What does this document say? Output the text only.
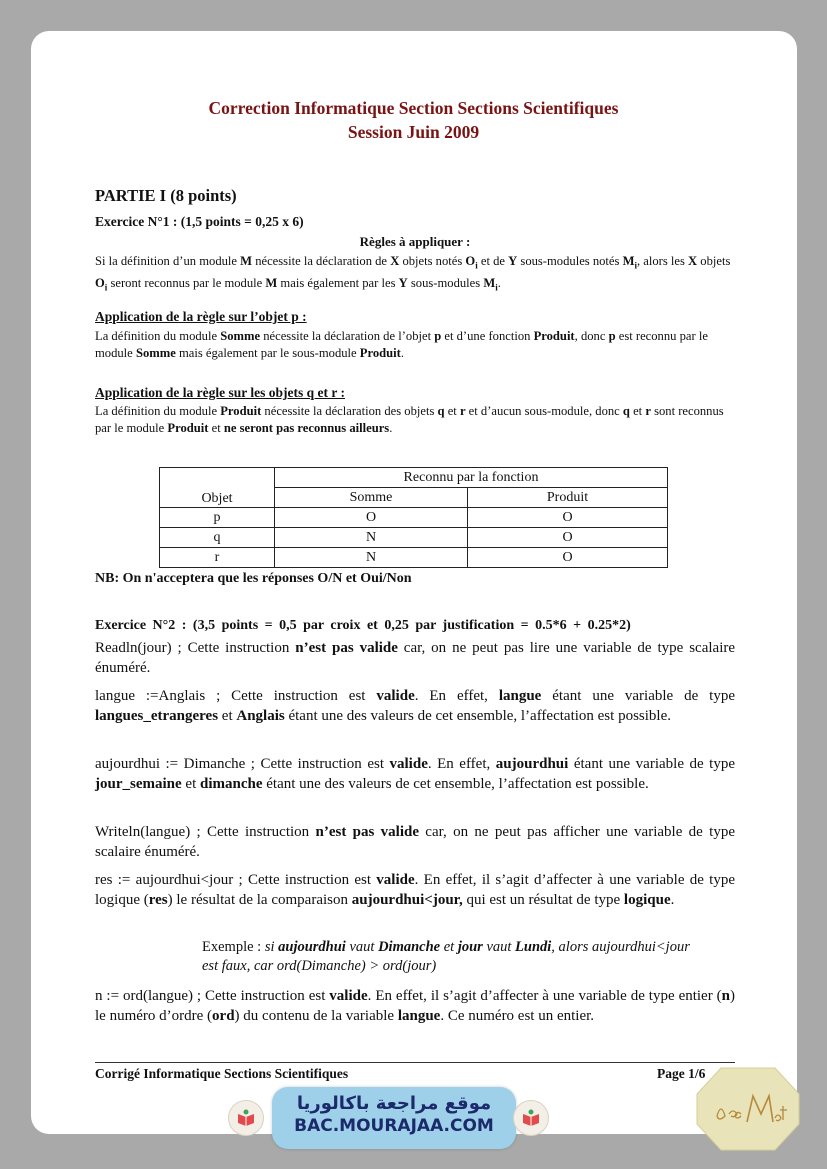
Correction Informatique Section Sections Scientifiques
Session Juin 2009
PARTIE I (8 points)
Exercice N°1 : (1,5 points = 0,25 x 6)
Règles à appliquer :
Si la définition d’un module M nécessite la déclaration de X objets notés $O_i$ et de Y sous-modules notés $M_i$, alors les X objets $O_i$ seront reconnus par le module M mais également par les Y sous-modules $M_i$.
Application de la règle sur l’objet p :
La définition du module Somme nécessite la déclaration de l’objet p et d’une fonction Produit, donc p est reconnu par le module Somme mais également par le sous-module Produit.
Application de la règle sur les objets q et r :
La définition du module Produit nécessite la déclaration des objets q et r et d’aucun sous-module, donc q et r sont reconnus par le module Produit et ne seront pas reconnus ailleurs.
Objet	Reconnu par la fonction	
	Somme	Produit
p	O	O
q	N	O
r	N	O
NB: On n'acceptera que les réponses O/N et Oui/Non
Exercice N°2 : (3,5 points = 0,5 par croix et 0,25 par justification = 0.5*6 + 0.25*2)
Readln(jour) ; Cette instruction n’est pas valide car, on ne peut pas lire une variable de type scalaire énuméré.
langue :=Anglais ; Cette instruction est valide. En effet, langue étant une variable de type langues_etrangeres et Anglais étant une des valeurs de cet ensemble, l’affectation est possible.
aujourdhui := Dimanche ; Cette instruction est valide. En effet, aujourdhui étant une variable de type jour_semaine et dimanche étant une des valeurs de cet ensemble, l’affectation est possible.
Writeln(langue) ; Cette instruction n’est pas valide car, on ne peut pas afficher une variable de type scalaire énuméré.
res := aujourdhui<jour ; Cette instruction est valide. En effet, il s’agit d’affecter à une variable de type logique (res) le résultat de la comparaison aujourdhui<jour, qui est un résultat de type logique.
Exemple : si aujourdhui vaut Dimanche et jour vaut Lundi, alors aujourdhui<jour est faux, car ord(Dimanche) > ord(jour)
n := ord(langue) ; Cette instruction est valide. En effet, il s’agit d’affecter à une variable de type entier (n) le numéro d’ordre (ord) du contenu de la variable langue. Ce numéro est un entier.
Corrigé Informatique Sections Scientifiques	Page 1/6
موقع مراجعة باكالوريا
BAC.MOURAJAA.COM
